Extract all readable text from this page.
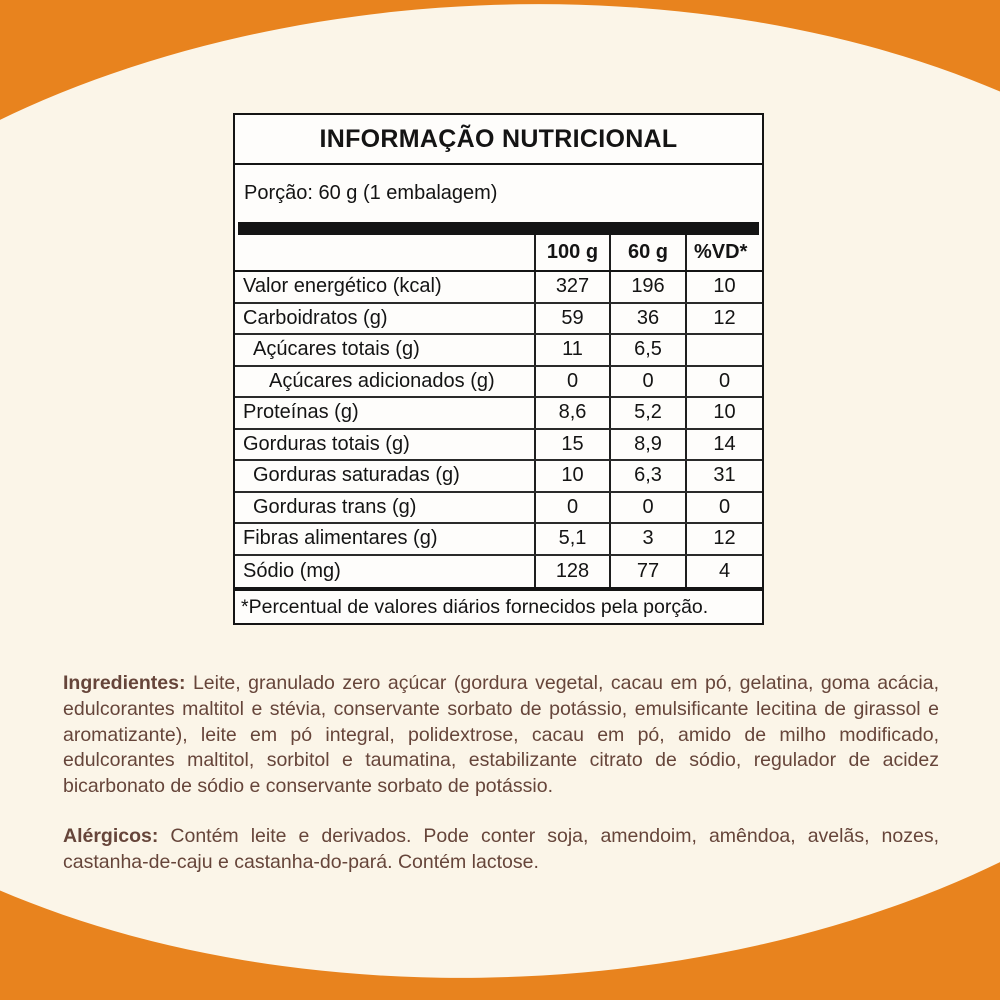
INFORMAÇÃO NUTRICIONAL
Porção: 60 g (1 embalagem)
100 g	60 g	%VD*
Valor energético (kcal)	327	196	10
Carboidratos (g)	59	36	12
Açúcares totais (g)	11	6,5
Açúcares adicionados (g)	0	0	0
Proteínas (g)	8,6	5,2	10
Gorduras totais (g)	15	8,9	14
Gorduras saturadas (g)	10	6,3	31
Gorduras trans (g)	0	0	0
Fibras alimentares (g)	5,1	3	12
Sódio (mg)	128	77	4
*Percentual de valores diários fornecidos pela porção.

Ingredientes: Leite, granulado zero açúcar (gordura vegetal, cacau em pó, gelatina, goma acácia, edulcorantes maltitol e stévia, conservante sorbato de potássio, emulsificante lecitina de girassol e aromatizante), leite em pó integral, polidextrose, cacau em pó, amido de milho modificado, edulcorantes maltitol, sorbitol e taumatina, estabilizante citrato de sódio, regulador de acidez bicarbonato de sódio e conservante sorbato de potássio.

Alérgicos: Contém leite e derivados. Pode conter soja, amendoim, amêndoa, avelãs, nozes, castanha-de-caju e castanha-do-pará. Contém lactose.
